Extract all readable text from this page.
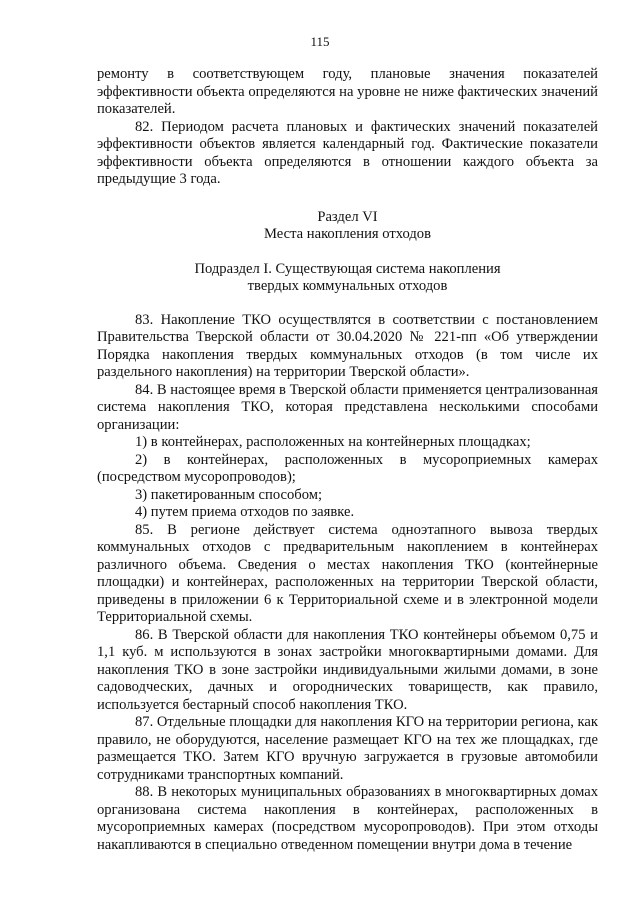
115

ремонту в соответствующем году, плановые значения показателей эффективности объекта определяются на уровне не ниже фактических значений показателей.

82. Периодом расчета плановых и фактических значений показателей эффективности объектов является календарный год. Фактические показатели эффективности объекта определяются в отношении каждого объекта за предыдущие 3 года.

Раздел VI

Места накопления отходов

Подраздел I. Существующая система накопления

твердых коммунальных отходов

83. Накопление ТКО осуществлятся в соответствии с постановлением Правительства Тверской области от 30.04.2020 № 221-пп «Об утверждении Порядка накопления твердых коммунальных отходов (в том числе их раздельного накопления) на территории Тверской области».

84. В настоящее время в Тверской области применяется централизованная система накопления ТКО, которая представлена несколькими способами организации:

1) в контейнерах, расположенных на контейнерных площадках;

2) в контейнерах, расположенных в мусороприемных камерах (посредством мусоропроводов);

3) пакетированным способом;

4) путем приема отходов по заявке.

85. В регионе действует система одноэтапного вывоза твердых коммунальных отходов с предварительным накоплением в контейнерах различного объема. Сведения о местах накопления ТКО (контейнерные площадки) и контейнерах, расположенных на территории Тверской области, приведены в приложении 6 к Территориальной схеме и в электронной модели Территориальной схемы.

86. В Тверской области для накопления ТКО контейнеры объемом 0,75 и 1,1 куб. м используются в зонах застройки многоквартирными домами. Для накопления ТКО в зоне застройки индивидуальными жилыми домами, в зоне садоводческих, дачных и огороднических товариществ, как правило, используется бестарный способ накопления ТКО.

87. Отдельные площадки для накопления КГО на территории региона, как правило, не оборудуются, население размещает КГО на тех же площадках, где размещается ТКО. Затем КГО вручную загружается в грузовые автомобили сотрудниками транспортных компаний.

88. В некоторых муниципальных образованиях в многоквартирных домах организована система накопления в контейнерах, расположенных в мусороприемных камерах (посредством мусоропроводов). При этом отходы накапливаются в специально отведенном помещении внутри дома в течение
